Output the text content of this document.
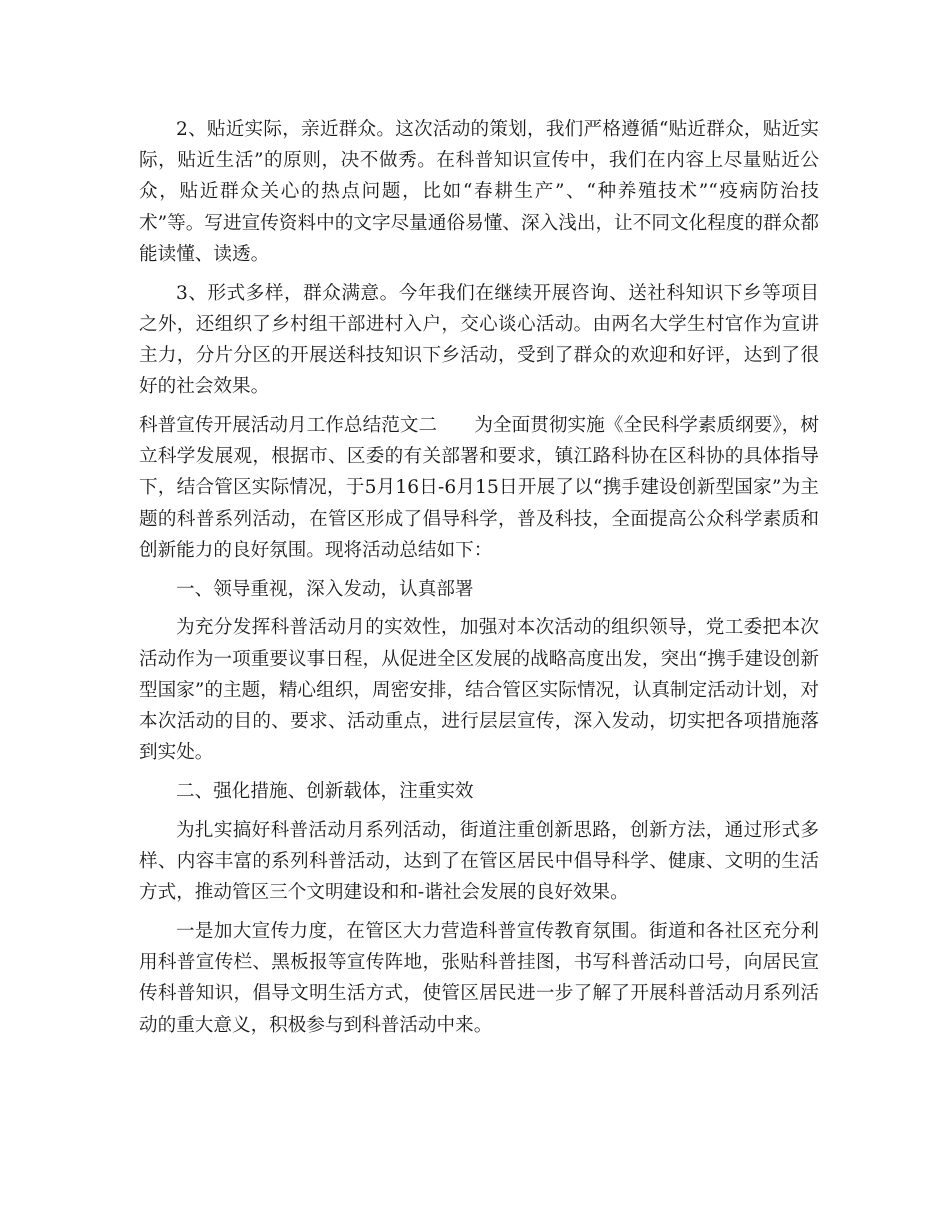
2、贴近实际，亲近群众。这次活动的策划，我们严格遵循“贴近群众，贴近实际，贴近生活”的原则，决不做秀。在科普知识宣传中，我们在内容上尽量贴近公众，贴近群众关心的热点问题，比如“春耕生产”、“种养殖技术”“疫病防治技术”等。写进宣传资料中的文字尽量通俗易懂、深入浅出，让不同文化程度的群众都能读懂、读透。

3、形式多样，群众满意。今年我们在继续开展咨询、送社科知识下乡等项目之外，还组织了乡村组干部进村入户，交心谈心活动。由两名大学生村官作为宣讲主力，分片分区的开展送科技知识下乡活动，受到了群众的欢迎和好评，达到了很好的社会效果。

科普宣传开展活动月工作总结范文二　　为全面贯彻实施《全民科学素质纲要》，树立科学发展观，根据市、区委的有关部署和要求，镇江路科协在区科协的具体指导下，结合管区实际情况，于5月16日-6月15日开展了以“携手建设创新型国家”为主题的科普系列活动，在管区形成了倡导科学，普及科技，全面提高公众科学素质和创新能力的良好氛围。现将活动总结如下：

一、领导重视，深入发动，认真部署

为充分发挥科普活动月的实效性，加强对本次活动的组织领导，党工委把本次活动作为一项重要议事日程，从促进全区发展的战略高度出发，突出“携手建设创新型国家”的主题，精心组织，周密安排，结合管区实际情况，认真制定活动计划，对本次活动的目的、要求、活动重点，进行层层宣传，深入发动，切实把各项措施落到实处。

二、强化措施、创新载体，注重实效

为扎实搞好科普活动月系列活动，街道注重创新思路，创新方法，通过形式多样、内容丰富的系列科普活动，达到了在管区居民中倡导科学、健康、文明的生活方式，推动管区三个文明建设和和-谐社会发展的良好效果。

一是加大宣传力度，在管区大力营造科普宣传教育氛围。街道和各社区充分利用科普宣传栏、黑板报等宣传阵地，张贴科普挂图，书写科普活动口号，向居民宣传科普知识，倡导文明生活方式，使管区居民进一步了解了开展科普活动月系列活动的重大意义，积极参与到科普活动中来。
